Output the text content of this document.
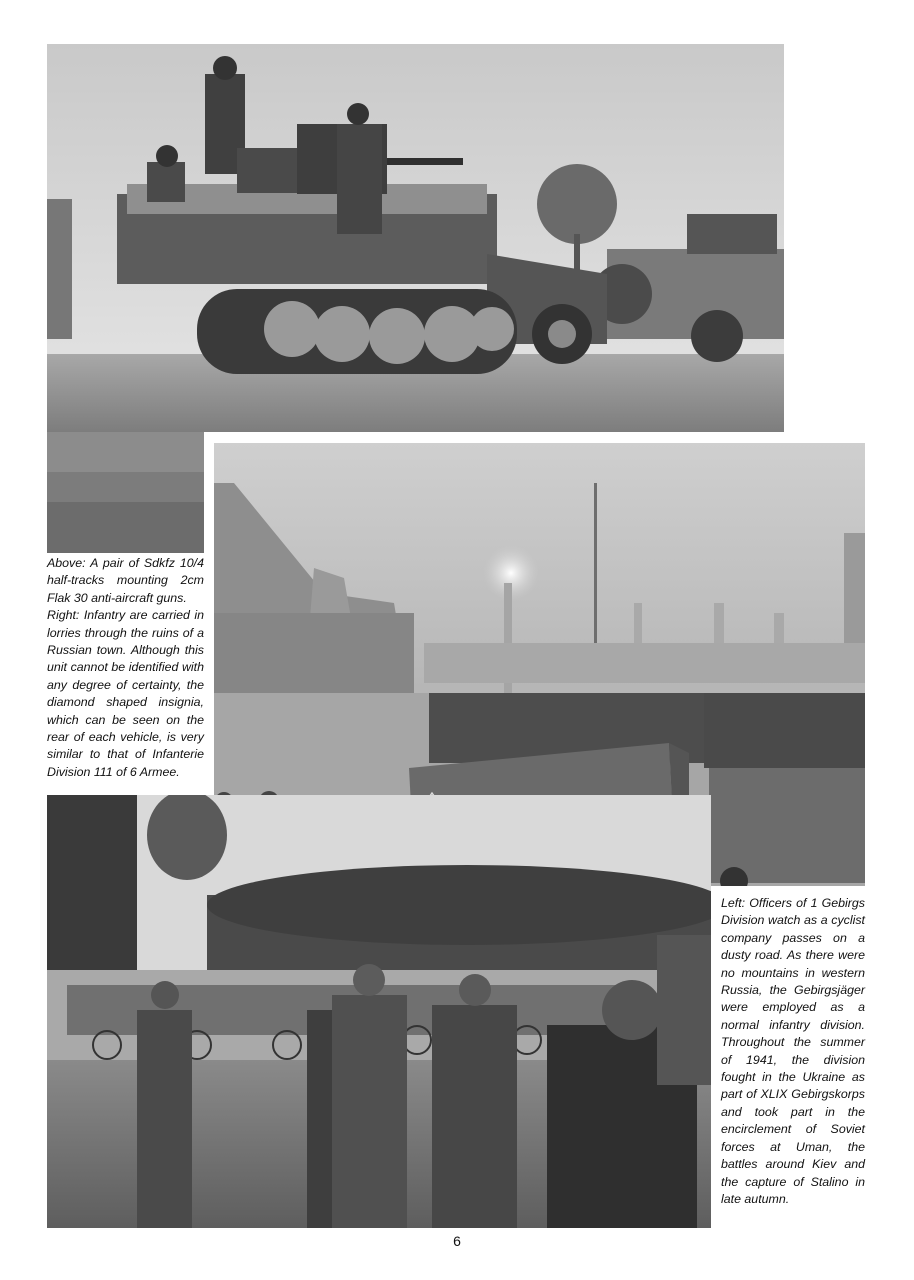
Above: A pair of Sdkfz 10/4 half-tracks mounting 2cm Flak 30 anti-aircraft guns.

Right: Infantry are carried in lorries through the ruins of a Russian town. Although this unit cannot be identified with any degree of certainty, the diamond shaped insignia, which can be seen on the rear of each vehicle, is very similar to that of Infanterie Division 111 of 6 Armee.

Left: Officers of 1 Gebirgs Division watch as a cyclist company passes on a dusty road. As there were no mountains in western Russia, the Gebirgsjäger were employed as a normal infantry division. Throughout the summer of 1941, the division fought in the Ukraine as part of XLIX Gebirgskorps and took part in the encirclement of Soviet forces at Uman, the battles around Kiev and the capture of Stalino in late autumn.

6
